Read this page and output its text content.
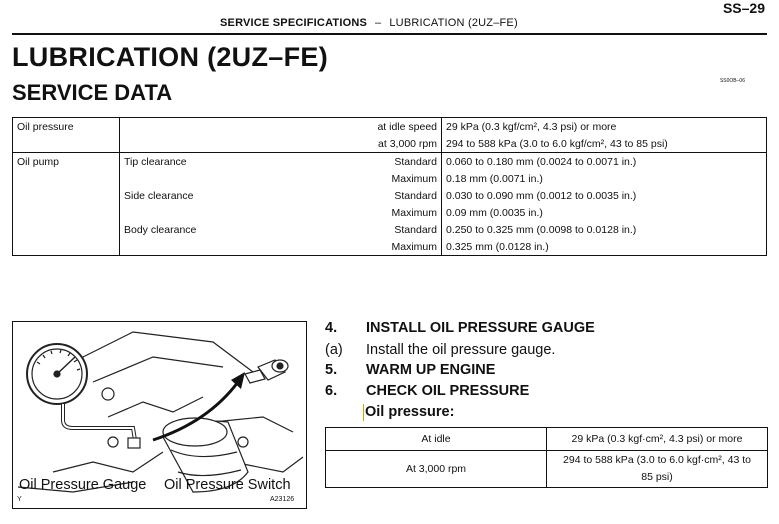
SERVICE SPECIFICATIONS – LUBRICATION (2UZ–FE)
SS–29
LUBRICATION (2UZ–FE)
SERVICE DATA	SS0OB–06
Oil pressure		at idle speed	29 kPa (0.3 kgf/cm², 4.3 psi) or more
		at 3,000 rpm	294 to 588 kPa (3.0 to 6.0 kgf/cm², 43 to 85 psi)
Oil pump	Tip clearance	Standard	0.060 to 0.180 mm (0.0024 to 0.0071 in.)
		Maximum	0.18 mm (0.0071 in.)
	Side clearance	Standard	0.030 to 0.090 mm (0.0012 to 0.0035 in.)
		Maximum	0.09 mm (0.0035 in.)
	Body clearance	Standard	0.250 to 0.325 mm (0.0098 to 0.0128 in.)
		Maximum	0.325 mm (0.0128 in.)
Oil Pressure Gauge Oil Pressure Switch
Y	A23126
4. INSTALL OIL PRESSURE GAUGE
(a) Install the oil pressure gauge.
5. WARM UP ENGINE
6. CHECK OIL PRESSURE
Oil pressure:
At idle	29 kPa (0.3 kgf·cm², 4.3 psi) or more
At 3,000 rpm	294 to 588 kPa (3.0 to 6.0 kgf·cm², 43 to 85 psi)
